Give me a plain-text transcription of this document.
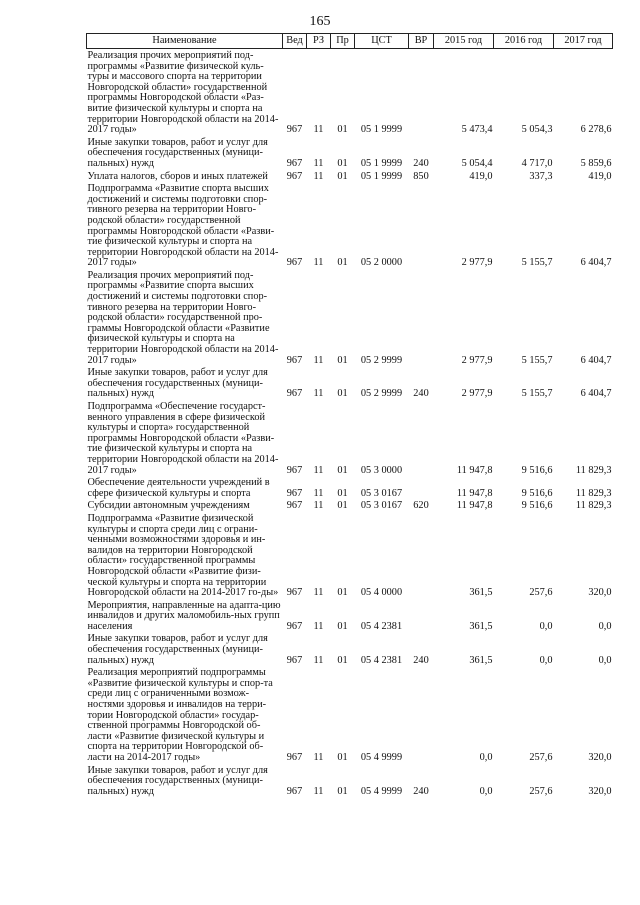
165
Наименование	Вед	РЗ	Пр	ЦСТ	ВР	2015 год	2016 год	2017 год
Реализация прочих мероприятий под-программы «Развитие физической куль-туры и массового спорта на территории Новгородской области» государственной программы Новгородской области «Раз-витие физической культуры и спорта на территории Новгородской области на 2014-2017 годы»	967	11	01	05 1 9999		5 473,4	5 054,3	6 278,6
Иные закупки товаров, работ и услуг для обеспечения государственных (муници-пальных) нужд	967	11	01	05 1 9999	240	5 054,4	4 717,0	5 859,6
Уплата налогов, сборов и иных платежей	967	11	01	05 1 9999	850	419,0	337,3	419,0
Подпрограмма «Развитие спорта высших достижений и системы подготовки спор-тивного резерва на территории Новго-родской области» государственной программы Новгородской области «Разви-тие физической культуры и спорта на территории Новгородской области на 2014-2017 годы»	967	11	01	05 2 0000		2 977,9	5 155,7	6 404,7
Реализация прочих мероприятий под-программы «Развитие спорта высших достижений и системы подготовки спор-тивного резерва на территории Новго-родской области» государственной про-граммы Новгородской области «Развитие физической культуры и спорта на территории Новгородской области на 2014-2017 годы»	967	11	01	05 2 9999		2 977,9	5 155,7	6 404,7
Иные закупки товаров, работ и услуг для обеспечения государственных (муници-пальных) нужд	967	11	01	05 2 9999	240	2 977,9	5 155,7	6 404,7
Подпрограмма «Обеспечение государст-венного управления в сфере физической культуры и спорта» государственной программы Новгородской области «Разви-тие физической культуры и спорта на территории Новгородской области на 2014-2017 годы»	967	11	01	05 3 0000		11 947,8	9 516,6	11 829,3
Обеспечение деятельности учреждений в сфере физической культуры и спорта	967	11	01	05 3 0167		11 947,8	9 516,6	11 829,3
Субсидии автономным учреждениям	967	11	01	05 3 0167	620	11 947,8	9 516,6	11 829,3
Подпрограмма «Развитие физической культуры и спорта среди лиц с ограни-ченными возможностями здоровья и ин-валидов на территории Новгородской области» государственной программы Новгородской области «Развитие физи-ческой культуры и спорта на территории Новгородской области на 2014-2017 го-ды»	967	11	01	05 4 0000		361,5	257,6	320,0
Мероприятия, направленные на адапта-цию инвалидов и других маломобиль-ных групп населения	967	11	01	05 4 2381		361,5	0,0	0,0
Иные закупки товаров, работ и услуг для обеспечения государственных (муници-пальных) нужд	967	11	01	05 4 2381	240	361,5	0,0	0,0
Реализация мероприятий подпрограммы «Развитие физической культуры и спор-та среди лиц с ограниченными возмож-ностями здоровья и инвалидов на терри-тории Новгородской области» государ-ственной программы Новгородской об-ласти «Развитие физической культуры и спорта на территории Новгородской об-ласти на 2014-2017 годы»	967	11	01	05 4 9999		0,0	257,6	320,0
Иные закупки товаров, работ и услуг для обеспечения государственных (муници-пальных) нужд	967	11	01	05 4 9999	240	0,0	257,6	320,0
